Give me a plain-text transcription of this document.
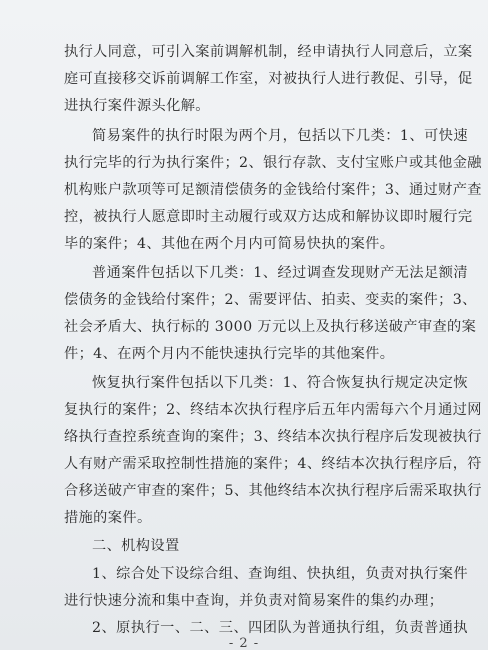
执行人同意，可引入案前调解机制，经申请执行人同意后，立案
庭可直接移交诉前调解工作室，对被执行人进行教促、引导，促
进执行案件源头化解。
简易案件的执行时限为两个月，包括以下几类：1、可快速
执行完毕的行为执行案件；2、银行存款、支付宝账户或其他金融
机构账户款项等可足额清偿债务的金钱给付案件；3、通过财产查
控，被执行人愿意即时主动履行或双方达成和解协议即时履行完
毕的案件；4、其他在两个月内可简易快执的案件。
普通案件包括以下几类：1、经过调查发现财产无法足额清
偿债务的金钱给付案件；2、需要评估、拍卖、变卖的案件；3、
社会矛盾大、执行标的 3000 万元以上及执行移送破产审查的案
件；4、在两个月内不能快速执行完毕的其他案件。
恢复执行案件包括以下几类：1、符合恢复执行规定决定恢
复执行的案件；2、终结本次执行程序后五年内需每六个月通过网
络执行查控系统查询的案件；3、终结本次执行程序后发现被执行
人有财产需采取控制性措施的案件；4、终结本次执行程序后，符
合移送破产审查的案件；5、其他终结本次执行程序后需采取执行
措施的案件。
二、机构设置
1、综合处下设综合组、查询组、快执组，负责对执行案件
进行快速分流和集中查询，并负责对简易案件的集约办理；
2、原执行一、二、三、四团队为普通执行组，负责普通执
- 2 -
